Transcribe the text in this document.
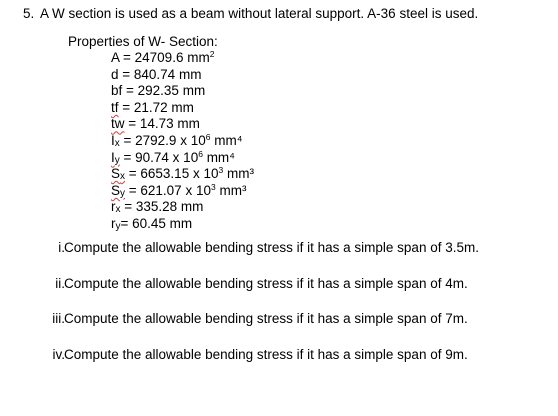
5. A W section is used as a beam without lateral support. A-36 steel is used.
Properties of W- Section:
A = 24709.6 $mm^2$
d = 840.74 mm
bf = 292.35 mm
tf = 21.72 mm
tw = 14.73 mm
$I_x = 2792.9$ x $10^6$ mm⁴
$I_y = 90.74$ x $10^6$ mm⁴
$S_x = 6653.15$ x $10^3$ mm³
$S_y = 621.07$ x $10^3$ mm³
$r_x = 335.28$ mm
$r_y= 60.45$ mm
i. Compute the allowable bending stress if it has a simple span of 3.5m.
ii. Compute the allowable bending stress if it has a simple span of 4m.
iii. Compute the allowable bending stress if it has a simple span of 7m.
iv. Compute the allowable bending stress if it has a simple span of 9m.
